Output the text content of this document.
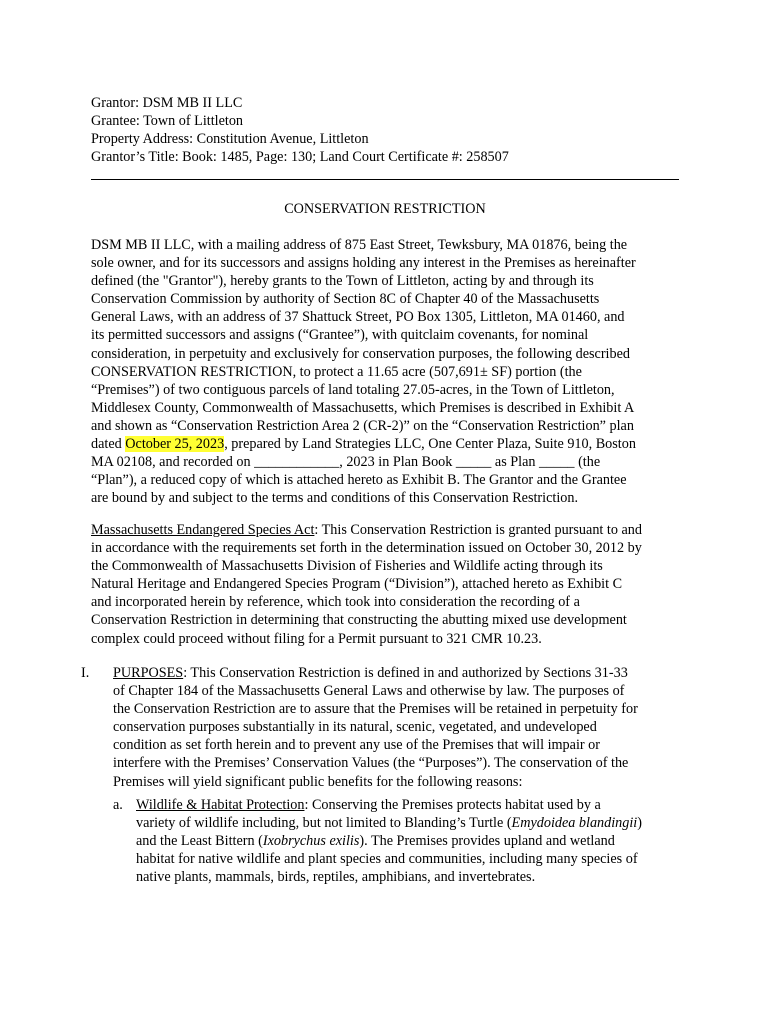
Grantor: DSM MB II LLC
Grantee: Town of Littleton
Property Address: Constitution Avenue, Littleton
Grantor’s Title: Book: 1485, Page: 130; Land Court Certificate #: 258507
CONSERVATION RESTRICTION
DSM MB II LLC, with a mailing address of 875 East Street, Tewksbury, MA 01876, being the
sole owner, and for its successors and assigns holding any interest in the Premises as hereinafter
defined (the "Grantor"), hereby grants to the Town of Littleton, acting by and through its
Conservation Commission by authority of Section 8C of Chapter 40 of the Massachusetts
General Laws, with an address of 37 Shattuck Street, PO Box 1305, Littleton, MA 01460, and
its permitted successors and assigns (“Grantee”), with quitclaim covenants, for nominal
consideration, in perpetuity and exclusively for conservation purposes, the following described
CONSERVATION RESTRICTION, to protect a 11.65 acre (507,691± SF) portion (the
“Premises”) of two contiguous parcels of land totaling 27.05-acres, in the Town of Littleton,
Middlesex County, Commonwealth of Massachusetts, which Premises is described in Exhibit A
and shown as “Conservation Restriction Area 2 (CR-2)” on the “Conservation Restriction” plan
dated October 25, 2023, prepared by Land Strategies LLC, One Center Plaza, Suite 910, Boston
MA 02108, and recorded on ____________, 2023 in Plan Book _____ as Plan _____ (the
“Plan”), a reduced copy of which is attached hereto as Exhibit B. The Grantor and the Grantee
are bound by and subject to the terms and conditions of this Conservation Restriction.
Massachusetts Endangered Species Act: This Conservation Restriction is granted pursuant to and
in accordance with the requirements set forth in the determination issued on October 30, 2012 by
the Commonwealth of Massachusetts Division of Fisheries and Wildlife acting through its
Natural Heritage and Endangered Species Program (“Division”), attached hereto as Exhibit C
and incorporated herein by reference, which took into consideration the recording of a
Conservation Restriction in determining that constructing the abutting mixed use development
complex could proceed without filing for a Permit pursuant to 321 CMR 10.23.
I. PURPOSES: This Conservation Restriction is defined in and authorized by Sections 31-33
of Chapter 184 of the Massachusetts General Laws and otherwise by law. The purposes of
the Conservation Restriction are to assure that the Premises will be retained in perpetuity for
conservation purposes substantially in its natural, scenic, vegetated, and undeveloped
condition as set forth herein and to prevent any use of the Premises that will impair or
interfere with the Premises’ Conservation Values (the “Purposes”). The conservation of the
Premises will yield significant public benefits for the following reasons:
a. Wildlife & Habitat Protection: Conserving the Premises protects habitat used by a
variety of wildlife including, but not limited to Blanding’s Turtle (Emydoidea blandingii)
and the Least Bittern (Ixobrychus exilis). The Premises provides upland and wetland
habitat for native wildlife and plant species and communities, including many species of
native plants, mammals, birds, reptiles, amphibians, and invertebrates.
